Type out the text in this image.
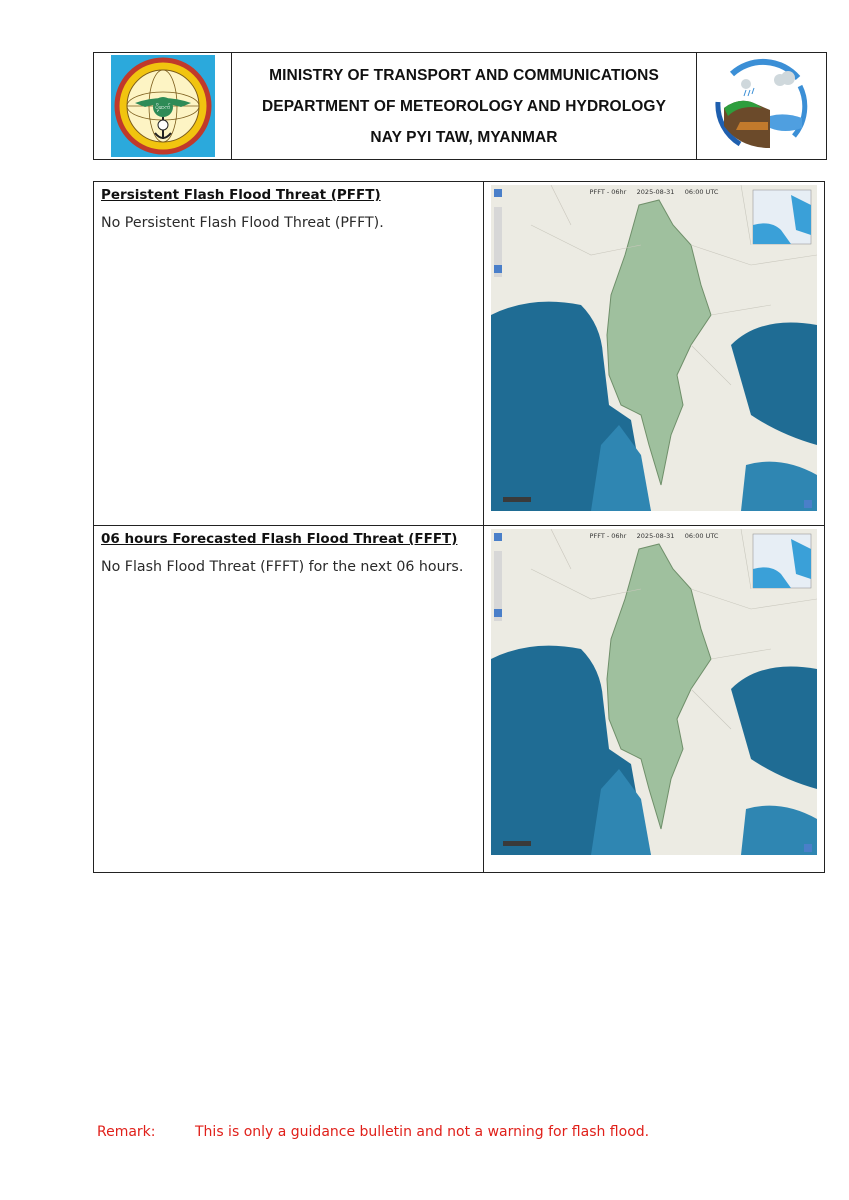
ပို့ဆက်
MINISTRY OF TRANSPORT AND COMMUNICATIONS
DEPARTMENT OF METEOROLOGY AND HYDROLOGY
NAY PYI TAW, MYANMAR
Persistent Flash Flood Threat (PFFT)
No Persistent Flash Flood Threat (PFFT).
PFFT - 06hr     2025-08-31     06:00 UTC
06 hours Forecasted Flash Flood Threat (FFFT)
No Flash Flood Threat (FFFT) for the next 06 hours.
PFFT - 06hr     2025-08-31     06:00 UTC
Remark:	This is only a guidance bulletin and not a warning for flash flood.
